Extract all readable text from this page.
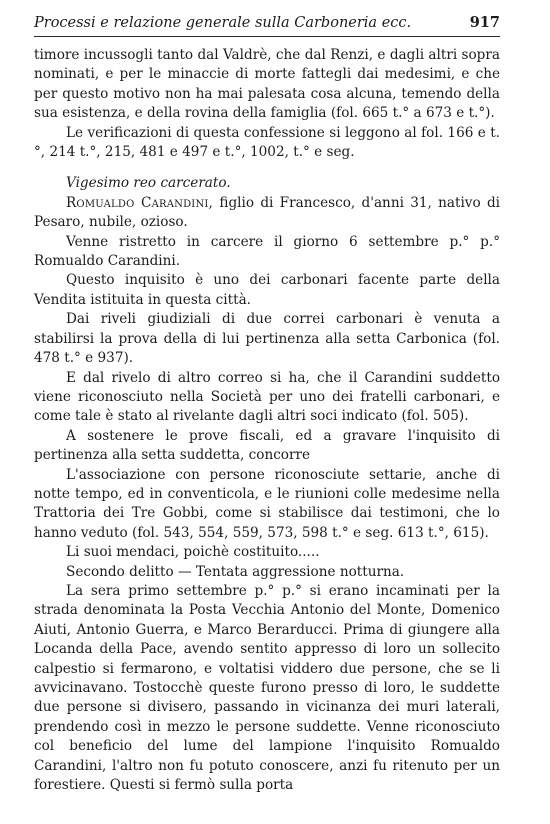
Processi e relazione generale sulla Carboneria ecc.	917

timore incussogli tanto dal Valdrè, che dal Renzi, e dagli altri sopra nominati, e per le minaccie di morte fattegli dai medesimi, e che per questo motivo non ha mai palesata cosa alcuna, temendo della sua esistenza, e della rovina della famiglia (fol. 665 t.° a 673 e t.°).

Le verificazioni di questa confessione si leggono al fol. 166 e t.°, 214 t.°, 215, 481 e 497 e t.°, 1002, t.° e seg.

Vigesimo reo carcerato.

Romualdo Carandini, figlio di Francesco, d'anni 31, nativo di Pesaro, nubile, ozioso.

Venne ristretto in carcere il giorno 6 settembre p.° p.° Romualdo Carandini.

Questo inquisito è uno dei carbonari facente parte della Vendita istituita in questa città.

Dai riveli giudiziali di due correi carbonari è venuta a stabilirsi la prova della di lui pertinenza alla setta Carbonica (fol. 478 t.° e 937).

E dal rivelo di altro correo si ha, che il Carandini suddetto viene riconosciuto nella Società per uno dei fratelli carbonari, e come tale è stato al rivelante dagli altri soci indicato (fol. 505).

A sostenere le prove fiscali, ed a gravare l'inquisito di pertinenza alla setta suddetta, concorre

L'associazione con persone riconosciute settarie, anche di notte tempo, ed in conventicola, e le riunioni colle medesime nella Trattoria dei Tre Gobbi, come si stabilisce dai testimoni, che lo hanno veduto (fol. 543, 554, 559, 573, 598 t.° e seg. 613 t.°, 615).

Li suoi mendaci, poichè costituito.....

Secondo delitto — Tentata aggressione notturna.

La sera primo settembre p.° p.° si erano incaminati per la strada denominata la Posta Vecchia Antonio del Monte, Domenico Aiuti, Antonio Guerra, e Marco Berarducci. Prima di giungere alla Locanda della Pace, avendo sentito appresso di loro un sollecito calpestio si fermarono, e voltatisi viddero due persone, che se li avvicinavano. Tostocchè queste furono presso di loro, le suddette due persone si divisero, passando in vicinanza dei muri laterali, prendendo così in mezzo le persone suddette. Venne riconosciuto col beneficio del lume del lampione l'inquisito Romualdo Carandini, l'altro non fu potuto conoscere, anzi fu ritenuto per un forestiere. Questi si fermò sulla porta
